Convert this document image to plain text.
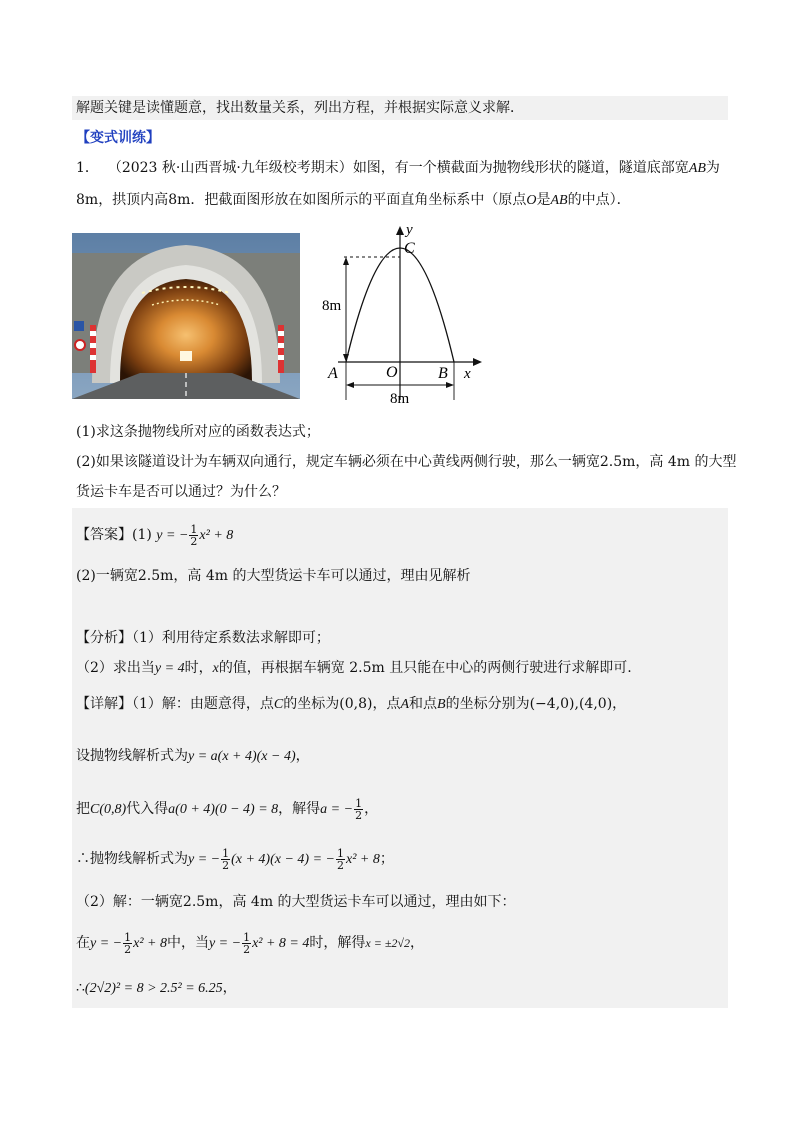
解题关键是读懂题意，找出数量关系，列出方程，并根据实际意义求解．
【变式训练】
1． （2023 秋·山西晋城·九年级校考期末）如图，有一个横截面为抛物线形状的隧道，隧道底部宽AB为
8m，拱顶内高8m．把截面图形放在如图所示的平面直角坐标系中（原点O是AB的中点）．
y
x
8m
8m
C
A	O	B
(1)求这条抛物线所对应的函数表达式；
(2)如果该隧道设计为车辆双向通行，规定车辆必须在中心黄线两侧行驶，那么一辆宽2.5m，高 4m 的大型
货运卡车是否可以通过？为什么？
【答案】(1) y = − $\frac{1}{2} x^2 + 8$
(2)一辆宽2.5m，高 4m 的大型货运卡车可以通过，理由见解析
【分析】（1）利用待定系数法求解即可；
（2）求出当y = 4时，x的值，再根据车辆宽 2.5m 且只能在中心的两侧行驶进行求解即可.
【详解】（1）解：由题意得，点C的坐标为(0,8)，点A和点B的坐标分别为(−4,0),(4,0)，
设抛物线解析式为y = a(x + 4)(x − 4)，
把C(0,8)代入得a(0 + 4)(0 − 4) = 8，解得a = − $\frac{1}{2}$ ，
∴抛物线解析式为y = − $\frac{1}{2} (x + 4)(x - 4)$ = − $\frac{1}{2} x^2 + 8$；
（2）解：一辆宽2.5m，高 4m 的大型货运卡车可以通过，理由如下：
在y = − $\frac{1}{2} x^2 + 8$中，当y = − $\frac{1}{2} x^2 + 8 = 4$时，解得x = ±2√2，
∴(2√2)² = 8 > 2.5² = 6.25，
